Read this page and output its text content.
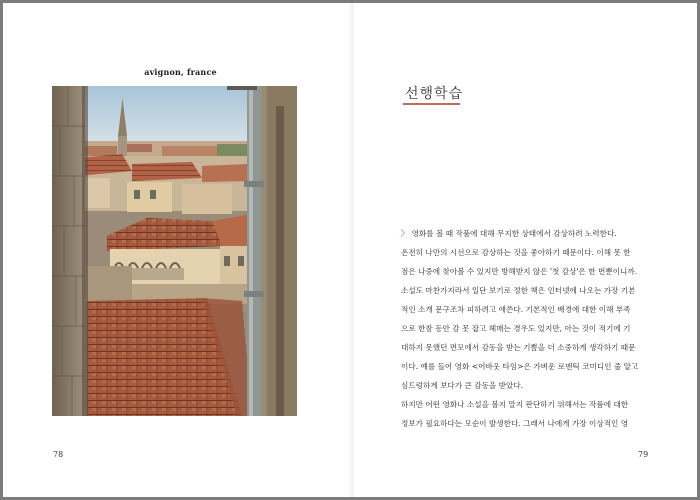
avignon, france
78
선행학습
〉 영화를 볼 때 작품에 대해 무지한 상태에서 감상하려 노력한다.
온전히 나만의 시선으로 감상하는 것을 좋아하기 때문이다. 이해 못 한
점은 나중에 찾아볼 수 있지만 방해받지 않은 '첫 감상'은 한 번뿐이니까.
소설도 마찬가지라서 일단 보기로 정한 책은 인터넷에 나오는 가장 기본
적인 소개 문구조차 피하려고 애쓴다. 기본적인 배경에 대한 이해 부족
으로 한참 동안 감 못 잡고 헤매는 경우도 있지만, 아는 것이 적기에 기
대하지 못했던 면모에서 감동을 받는 기쁨을 더 소중하게 생각하기 때문
이다. 예를 들어 영화 <어바웃 타임>은 가벼운 로맨틱 코미디인 줄 알고
심드렁하게 보다가 큰 감동을 받았다.
하지만 어떤 영화나 소설을 볼지 말지 판단하기 위해서는 작품에 대한
정보가 필요하다는 모순이 발생한다. 그래서 나에게 가장 이상적인 영
79
